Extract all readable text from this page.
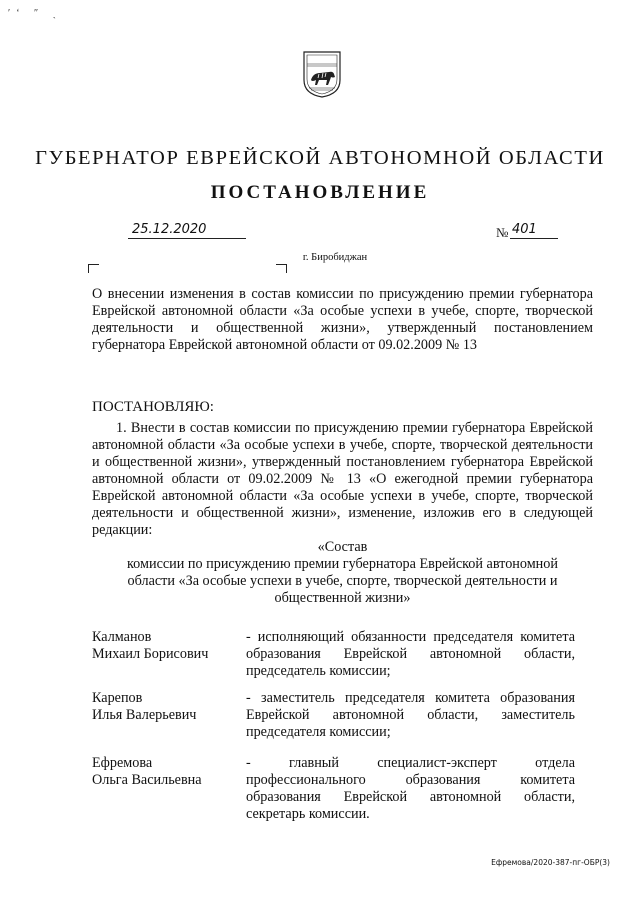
′ʻ ″ ˏ
ГУБЕРНАТОР ЕВРЕЙСКОЙ АВТОНОМНОЙ ОБЛАСТИ
ПОСТАНОВЛЕНИЕ
25.12.2020	№ 401
г. Биробиджан
О внесении изменения в состав комиссии по присуждению премии губернатора Еврейской автономной области «За особые успехи в учебе, спорте, творческой деятельности и общественной жизни», утвержденный постановлением губернатора Еврейской автономной области от 09.02.2009 № 13
ПОСТАНОВЛЯЮ:
1. Внести в состав комиссии по присуждению премии губернатора Еврейской автономной области «За особые успехи в учебе, спорте, творческой деятельности и общественной жизни», утвержденный постановлением губернатора Еврейской автономной области от 09.02.2009 № 13 «О ежегодной премии губернатора Еврейской автономной области «За особые успехи в учебе, спорте, творческой деятельности и общественной жизни», изменение, изложив его в следующей редакции:
«Состав
комиссии по присуждению премии губернатора Еврейской автономной области «За особые успехи в учебе, спорте, творческой деятельности и общественной жизни»
Калманов
Михаил Борисович
- исполняющий обязанности председателя комитета образования Еврейской автономной области, председатель комиссии;
Карепов
Илья Валерьевич
- заместитель председателя комитета образования Еврейской автономной области, заместитель председателя комиссии;
Ефремова
Ольга Васильевна
- главный специалист-эксперт отдела профессионального образования комитета образования Еврейской автономной области, секретарь комиссии.
Ефремова/2020-387-пг-ОБР(3)
